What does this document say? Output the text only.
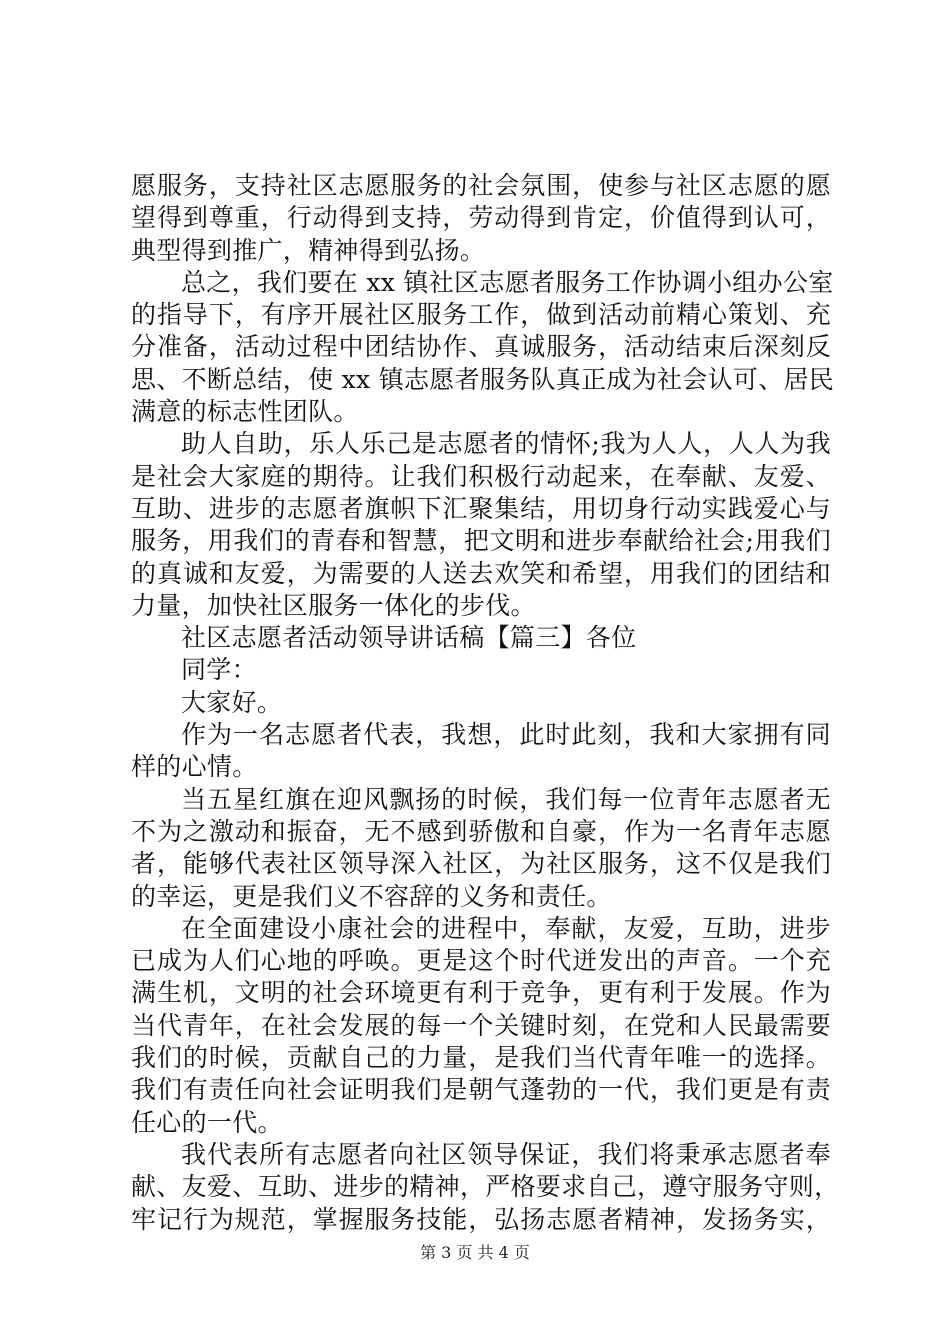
愿服务，支持社区志愿服务的社会氛围，使参与社区志愿的愿
望得到尊重，行动得到支持，劳动得到肯定，价值得到认可，
典型得到推广，精神得到弘扬。
总之，我们要在 xx 镇社区志愿者服务工作协调小组办公室
的指导下，有序开展社区服务工作，做到活动前精心策划、充
分准备，活动过程中团结协作、真诚服务，活动结束后深刻反
思、不断总结，使 xx 镇志愿者服务队真正成为社会认可、居民
满意的标志性团队。
助人自助，乐人乐己是志愿者的情怀;我为人人，人人为我
是社会大家庭的期待。让我们积极行动起来，在奉献、友爱、
互助、进步的志愿者旗帜下汇聚集结，用切身行动实践爱心与
服务，用我们的青春和智慧，把文明和进步奉献给社会;用我们
的真诚和友爱，为需要的人送去欢笑和希望，用我们的团结和
力量，加快社区服务一体化的步伐。
社区志愿者活动领导讲话稿【篇三】各位
同学：
大家好。
作为一名志愿者代表，我想，此时此刻，我和大家拥有同
样的心情。
当五星红旗在迎风飘扬的时候，我们每一位青年志愿者无
不为之激动和振奋，无不感到骄傲和自豪，作为一名青年志愿
者，能够代表社区领导深入社区，为社区服务，这不仅是我们
的幸运，更是我们义不容辞的义务和责任。
在全面建设小康社会的进程中，奉献，友爱，互助，进步
已成为人们心地的呼唤。更是这个时代迸发出的声音。一个充
满生机，文明的社会环境更有利于竞争，更有利于发展。作为
当代青年，在社会发展的每一个关键时刻，在党和人民最需要
我们的时候，贡献自己的力量，是我们当代青年唯一的选择。
我们有责任向社会证明我们是朝气蓬勃的一代，我们更是有责
任心的一代。
我代表所有志愿者向社区领导保证，我们将秉承志愿者奉
献、友爱、互助、进步的精神，严格要求自己，遵守服务守则，
牢记行为规范，掌握服务技能，弘扬志愿者精神，发扬务实，
第 3 页 共 4 页
